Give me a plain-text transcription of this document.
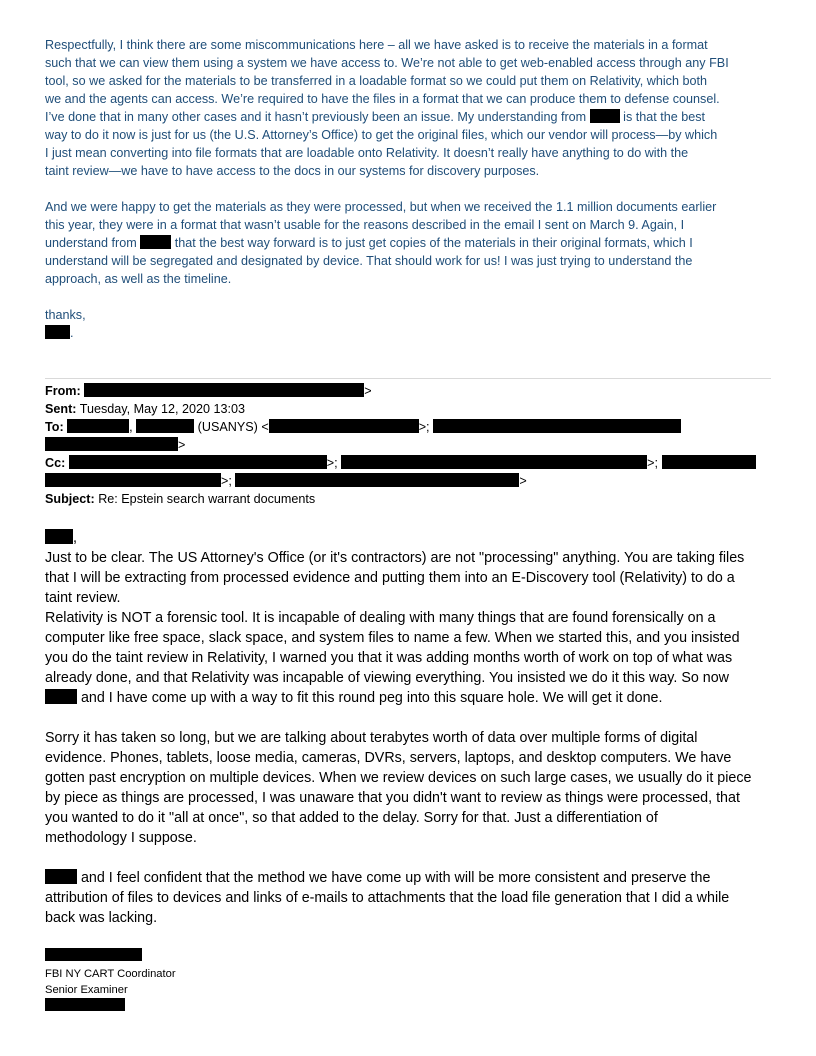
Respectfully, I think there are some miscommunications here – all we have asked is to receive the materials in a format

such that we can view them using a system we have access to. We’re not able to get web-enabled access through any FBI

tool, so we asked for the materials to be transferred in a loadable format so we could put them on Relativity, which both

we and the agents can access. We’re required to have the files in a format that we can produce them to defense counsel.

I’ve done that in many other cases and it hasn’t previously been an issue. My understanding from	is that the best

way to do it now is just for us (the U.S. Attorney’s Office) to get the original files, which our vendor will process—by which

I just mean converting into file formats that are loadable onto Relativity. It doesn’t really have anything to do with the

taint review—we have to have access to the docs in our systems for discovery purposes.

And we were happy to get the materials as they were processed, but when we received the 1.1 million documents earlier

this year, they were in a format that wasn’t usable for the reasons described in the email I sent on March 9. Again, I

understand from	that the best way forward is to just get copies of the materials in their original formats, which I

understand will be segregated and designated by device. That should work for us! I was just trying to understand the

approach, as well as the timeline.

thanks,

.

From:	>

Sent: Tuesday, May 12, 2020 13:03

To:	,	(USANYS) <	>;

>

Cc:	>;	>;

>;	>

Subject: Re: Epstein search warrant documents

,

Just to be clear. The US Attorney's Office (or it's contractors) are not "processing" anything. You are taking files

that I will be extracting from processed evidence and putting them into an E-Discovery tool (Relativity) to do a

taint review.

Relativity is NOT a forensic tool. It is incapable of dealing with many things that are found forensically on a

computer like free space, slack space, and system files to name a few. When we started this, and you insisted

you do the taint review in Relativity, I warned you that it was adding months worth of work on top of what was

already done, and that Relativity was incapable of viewing everything. You insisted we do it this way. So now

and I have come up with a way to fit this round peg into this square hole. We will get it done.

Sorry it has taken so long, but we are talking about terabytes worth of data over multiple forms of digital

evidence. Phones, tablets, loose media, cameras, DVRs, servers, laptops, and desktop computers. We have

gotten past encryption on multiple devices. When we review devices on such large cases, we usually do it piece

by piece as things are processed, I was unaware that you didn't want to review as things were processed, that

you wanted to do it "all at once", so that added to the delay. Sorry for that. Just a differentiation of

methodology I suppose.

and I feel confident that the method we have come up with will be more consistent and preserve the

attribution of files to devices and links of e-mails to attachments that the load file generation that I did a while

back was lacking.

FBI NY CART Coordinator

Senior Examiner
